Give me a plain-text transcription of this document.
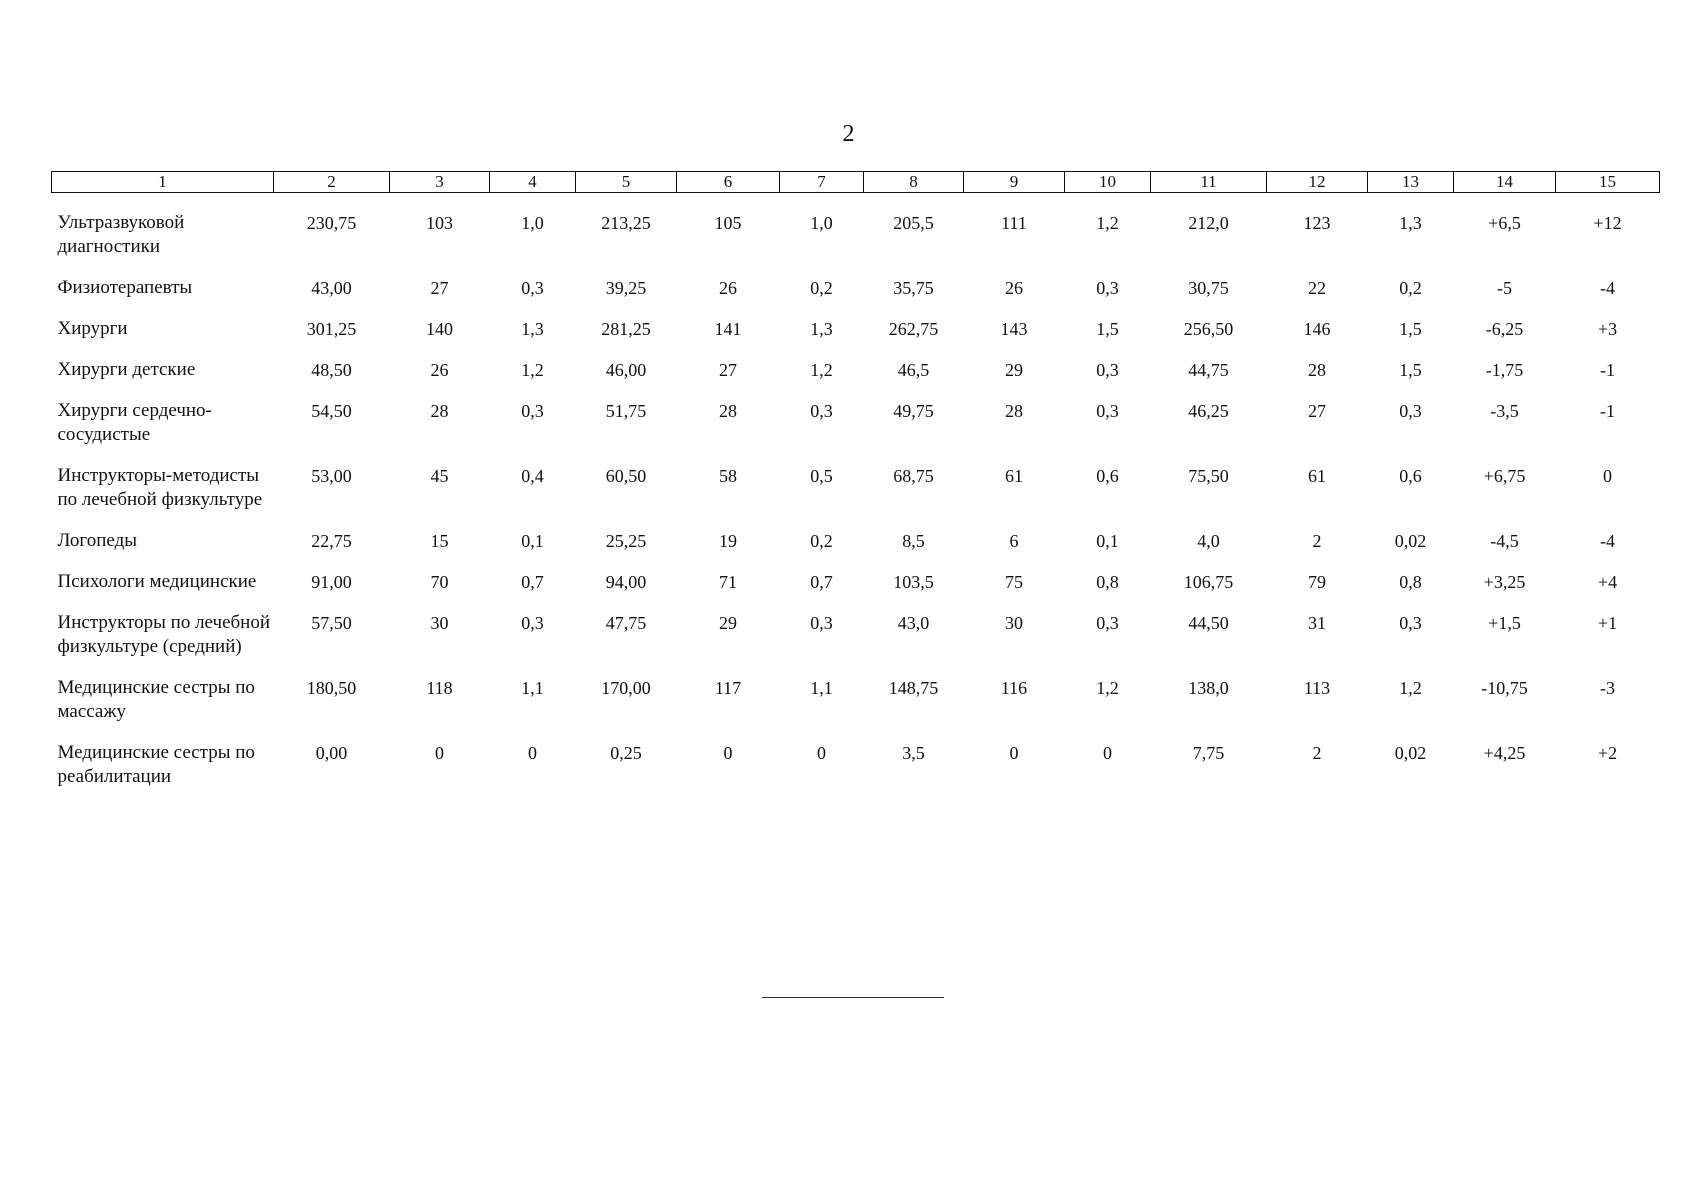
2
1	2	3	4	5	6	7	8	9	10	11	12	13	14	15

Ультразвуковой диагностики	230,75	103	1,0	213,25	105	1,0	205,5	111	1,2	212,0	123	1,3	+6,5	+12
Физиотерапевты	43,00	27	0,3	39,25	26	0,2	35,75	26	0,3	30,75	22	0,2	-5	-4
Хирурги	301,25	140	1,3	281,25	141	1,3	262,75	143	1,5	256,50	146	1,5	-6,25	+3
Хирурги детские	48,50	26	1,2	46,00	27	1,2	46,5	29	0,3	44,75	28	1,5	-1,75	-1
Хирурги сердечно-сосудистые	54,50	28	0,3	51,75	28	0,3	49,75	28	0,3	46,25	27	0,3	-3,5	-1
Инструкторы-методисты по лечебной физкультуре	53,00	45	0,4	60,50	58	0,5	68,75	61	0,6	75,50	61	0,6	+6,75	0
Логопеды	22,75	15	0,1	25,25	19	0,2	8,5	6	0,1	4,0	2	0,02	-4,5	-4
Психологи медицинские	91,00	70	0,7	94,00	71	0,7	103,5	75	0,8	106,75	79	0,8	+3,25	+4
Инструкторы по лечебной физкультуре (средний)	57,50	30	0,3	47,75	29	0,3	43,0	30	0,3	44,50	31	0,3	+1,5	+1
Медицинские сестры по массажу	180,50	118	1,1	170,00	117	1,1	148,75	116	1,2	138,0	113	1,2	-10,75	-3
Медицинские сестры по реабилитации	0,00	0	0	0,25	0	0	3,5	0	0	7,75	2	0,02	+4,25	+2
